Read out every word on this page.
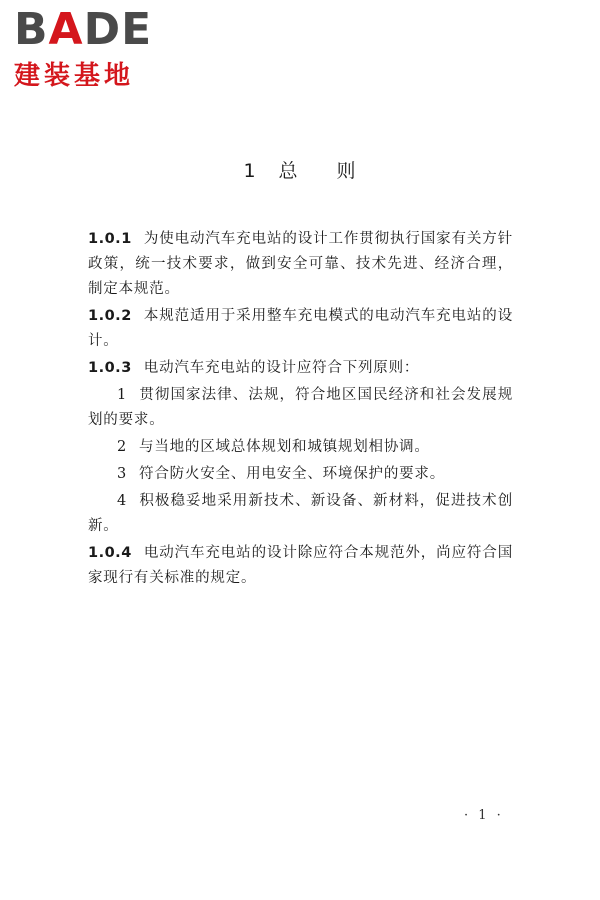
BADE
建装基地
1 总 则

1.0.1 为使电动汽车充电站的设计工作贯彻执行国家有关方针政策，统一技术要求，做到安全可靠、技术先进、经济合理，制定本规范。

1.0.2 本规范适用于采用整车充电模式的电动汽车充电站的设计。

1.0.3 电动汽车充电站的设计应符合下列原则：

1 贯彻国家法律、法规，符合地区国民经济和社会发展规划的要求。

2 与当地的区域总体规划和城镇规划相协调。

3 符合防火安全、用电安全、环境保护的要求。

4 积极稳妥地采用新技术、新设备、新材料，促进技术创新。

1.0.4 电动汽车充电站的设计除应符合本规范外，尚应符合国家现行有关标准的规定。

· 1 ·
